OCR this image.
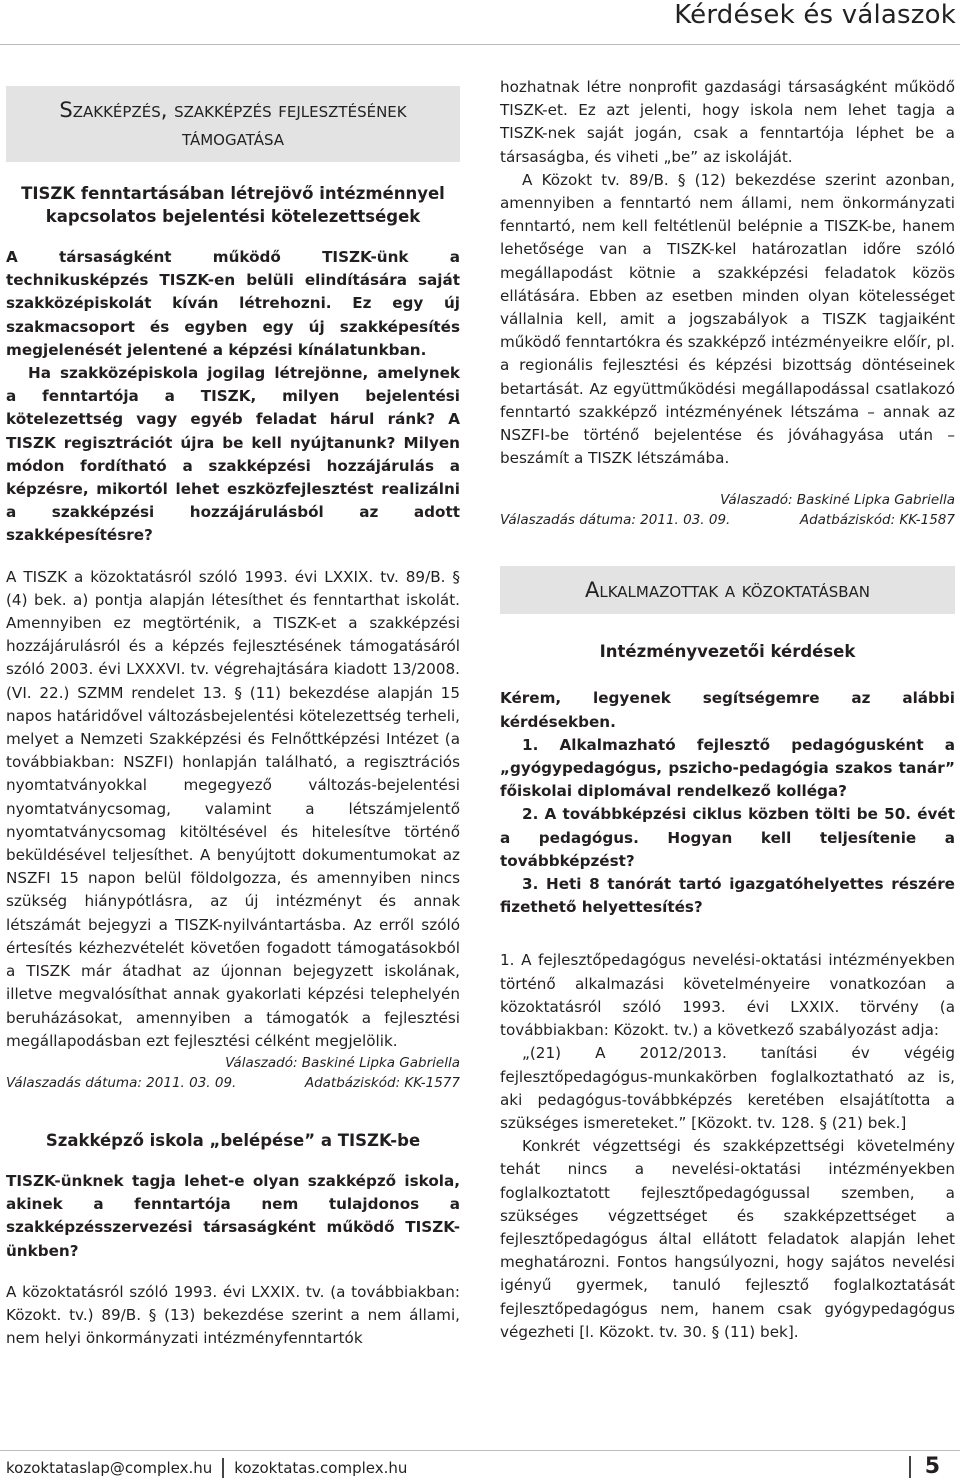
Kérdések és válaszok
Szakképzés, szakképzés fejlesztésének támogatása
TISZK fenntartásában létrejövő intézménnyel kapcsolatos bejelentési kötelezettségek

A társaságként működő TISZK-ünk a technikusképzés TISZK-en belüli elindítására saját szakközépiskolát kíván létrehozni. Ez egy új szakmacsoport és egyben egy új szakképesítés megjelenését jelentené a képzési kínálatunkban.

Ha szakközépiskola jogilag létrejönne, amelynek a fenntartója a TISZK, milyen bejelentési kötelezettség vagy egyéb feladat hárul ránk? A TISZK regisztrációt újra be kell nyújtanunk? Milyen módon fordítható a szakképzési hozzájárulás a képzésre, mikortól lehet eszközfejlesztést realizálni a szakképzési hozzájárulásból az adott szakképesítésre?

A TISZK a közoktatásról szóló 1993. évi LXXIX. tv. 89/B. § (4) bek. a) pontja alapján létesíthet és fenntarthat iskolát. Amennyiben ez megtörténik, a TISZK-et a szakképzési hozzájárulásról és a képzés fejlesztésének támogatásáról szóló 2003. évi LXXXVI. tv. végrehajtására kiadott 13/2008. (VI. 22.) SZMM rendelet 13. § (11) bekezdése alapján 15 napos határidővel változásbejelentési kötelezettség terheli, melyet a Nemzeti Szakképzési és Felnőttképzési Intézet (a továbbiakban: NSZFI) honlapján található, a regisztrációs nyomtatványokkal megegyező változás-bejelentési nyomtatványcsomag, valamint a létszámjelentő nyomtatványcsomag kitöltésével és hitelesítve történő beküldésével teljesíthet. A benyújtott dokumentumokat az NSZFI 15 napon belül földolgozza, és amennyiben nincs szükség hiánypótlásra, az új intézményt és annak létszámát bejegyzi a TISZK-nyilvántartásba. Az erről szóló értesítés kézhezvételét követően fogadott támogatásokból a TISZK már átadhat az újonnan bejegyzett iskolának, illetve megvalósíthat annak gyakorlati képzési telephelyén beruházásokat, amennyiben a támogatók a fejlesztési megállapodásban ezt fejlesztési célként megjelölik.

Válaszadó: Baskiné Lipka Gabriella

Válaszadás dátuma: 2011. 03. 09.	Adatbáziskód: KK-1577
Szakképző iskola „belépése” a TISZK-be

TISZK-ünknek tagja lehet-e olyan szakképző iskola, akinek a fenntartója nem tulajdonos a szakképzésszervezési társaságként működő TISZK-ünkben?

A közoktatásról szóló 1993. évi LXXIX. tv. (a továbbiakban: Közokt. tv.) 89/B. § (13) bekezdése szerint a nem állami, nem helyi önkormányzati intézményfenntartók

hozhatnak létre nonprofit gazdasági társaságként működő TISZK-et. Ez azt jelenti, hogy iskola nem lehet tagja a TISZK-nek saját jogán, csak a fenntartója léphet be a társaságba, és viheti „be” az iskoláját.

A Közokt tv. 89/B. § (12) bekezdése szerint azonban, amennyiben a fenntartó nem állami, nem önkormányzati fenntartó, nem kell feltétlenül belépnie a TISZK-be, hanem lehetősége van a TISZK-kel határozatlan időre szóló megállapodást kötnie a szakképzési feladatok közös ellátására. Ebben az esetben minden olyan kötelességet vállalnia kell, amit a jogszabályok a TISZK tagjaiként működő fenntartókra és szakképző intézményeikre előír, pl. a regionális fejlesztési és képzési bizottság döntéseinek betartását. Az együttműködési megállapodással csatlakozó fenntartó szakképző intézményének létszáma – annak az NSZFI-be történő bejelentése és jóváhagyása után – beszámít a TISZK létszámába.

Válaszadó: Baskiné Lipka Gabriella

Válaszadás dátuma: 2011. 03. 09.	Adatbáziskód: KK-1587
Alkalmazottak a közoktatásban
Intézményvezetői kérdések

Kérem, legyenek segítségemre az alábbi kérdésekben.

1. Alkalmazható fejlesztő pedagógusként a „gyógypedagógus, pszicho-pedagógia szakos tanár” főiskolai diplomával rendelkező kolléga?

2. A továbbképzési ciklus közben tölti be 50. évét a pedagógus. Hogyan kell teljesítenie a továbbképzést?

3. Heti 8 tanórát tartó igazgatóhelyettes részére fizethető helyettesítés?

1. A fejlesztőpedagógus nevelési-oktatási intézményekben történő alkalmazási követelményeire vonatkozóan a közoktatásról szóló 1993. évi LXXIX. törvény (a továbbiakban: Közokt. tv.) a következő szabályozást adja:

„(21) A 2012/2013. tanítási év végéig fejlesztőpedagógus-munkakörben foglalkoztatható az is, aki pedagógus-továbbképzés keretében elsajátította a szükséges ismereteket.” [Közokt. tv. 128. § (21) bek.]

Konkrét végzettségi és szakképzettségi követelmény tehát nincs a nevelési-oktatási intézményekben foglalkoztatott fejlesztőpedagógussal szemben, a szükséges végzettséget és szakképzettséget a fejlesztőpedagógus által ellátott feladatok alapján lehet meghatározni. Fontos hangsúlyozni, hogy sajátos nevelési igényű gyermek, tanuló fejlesztő foglalkoztatását fejlesztőpedagógus nem, hanem csak gyógypedagógus végezheti [l. Közokt. tv. 30. § (11) bek].

kozoktataslap@complex.hu kozoktatas.complex.hu	5
